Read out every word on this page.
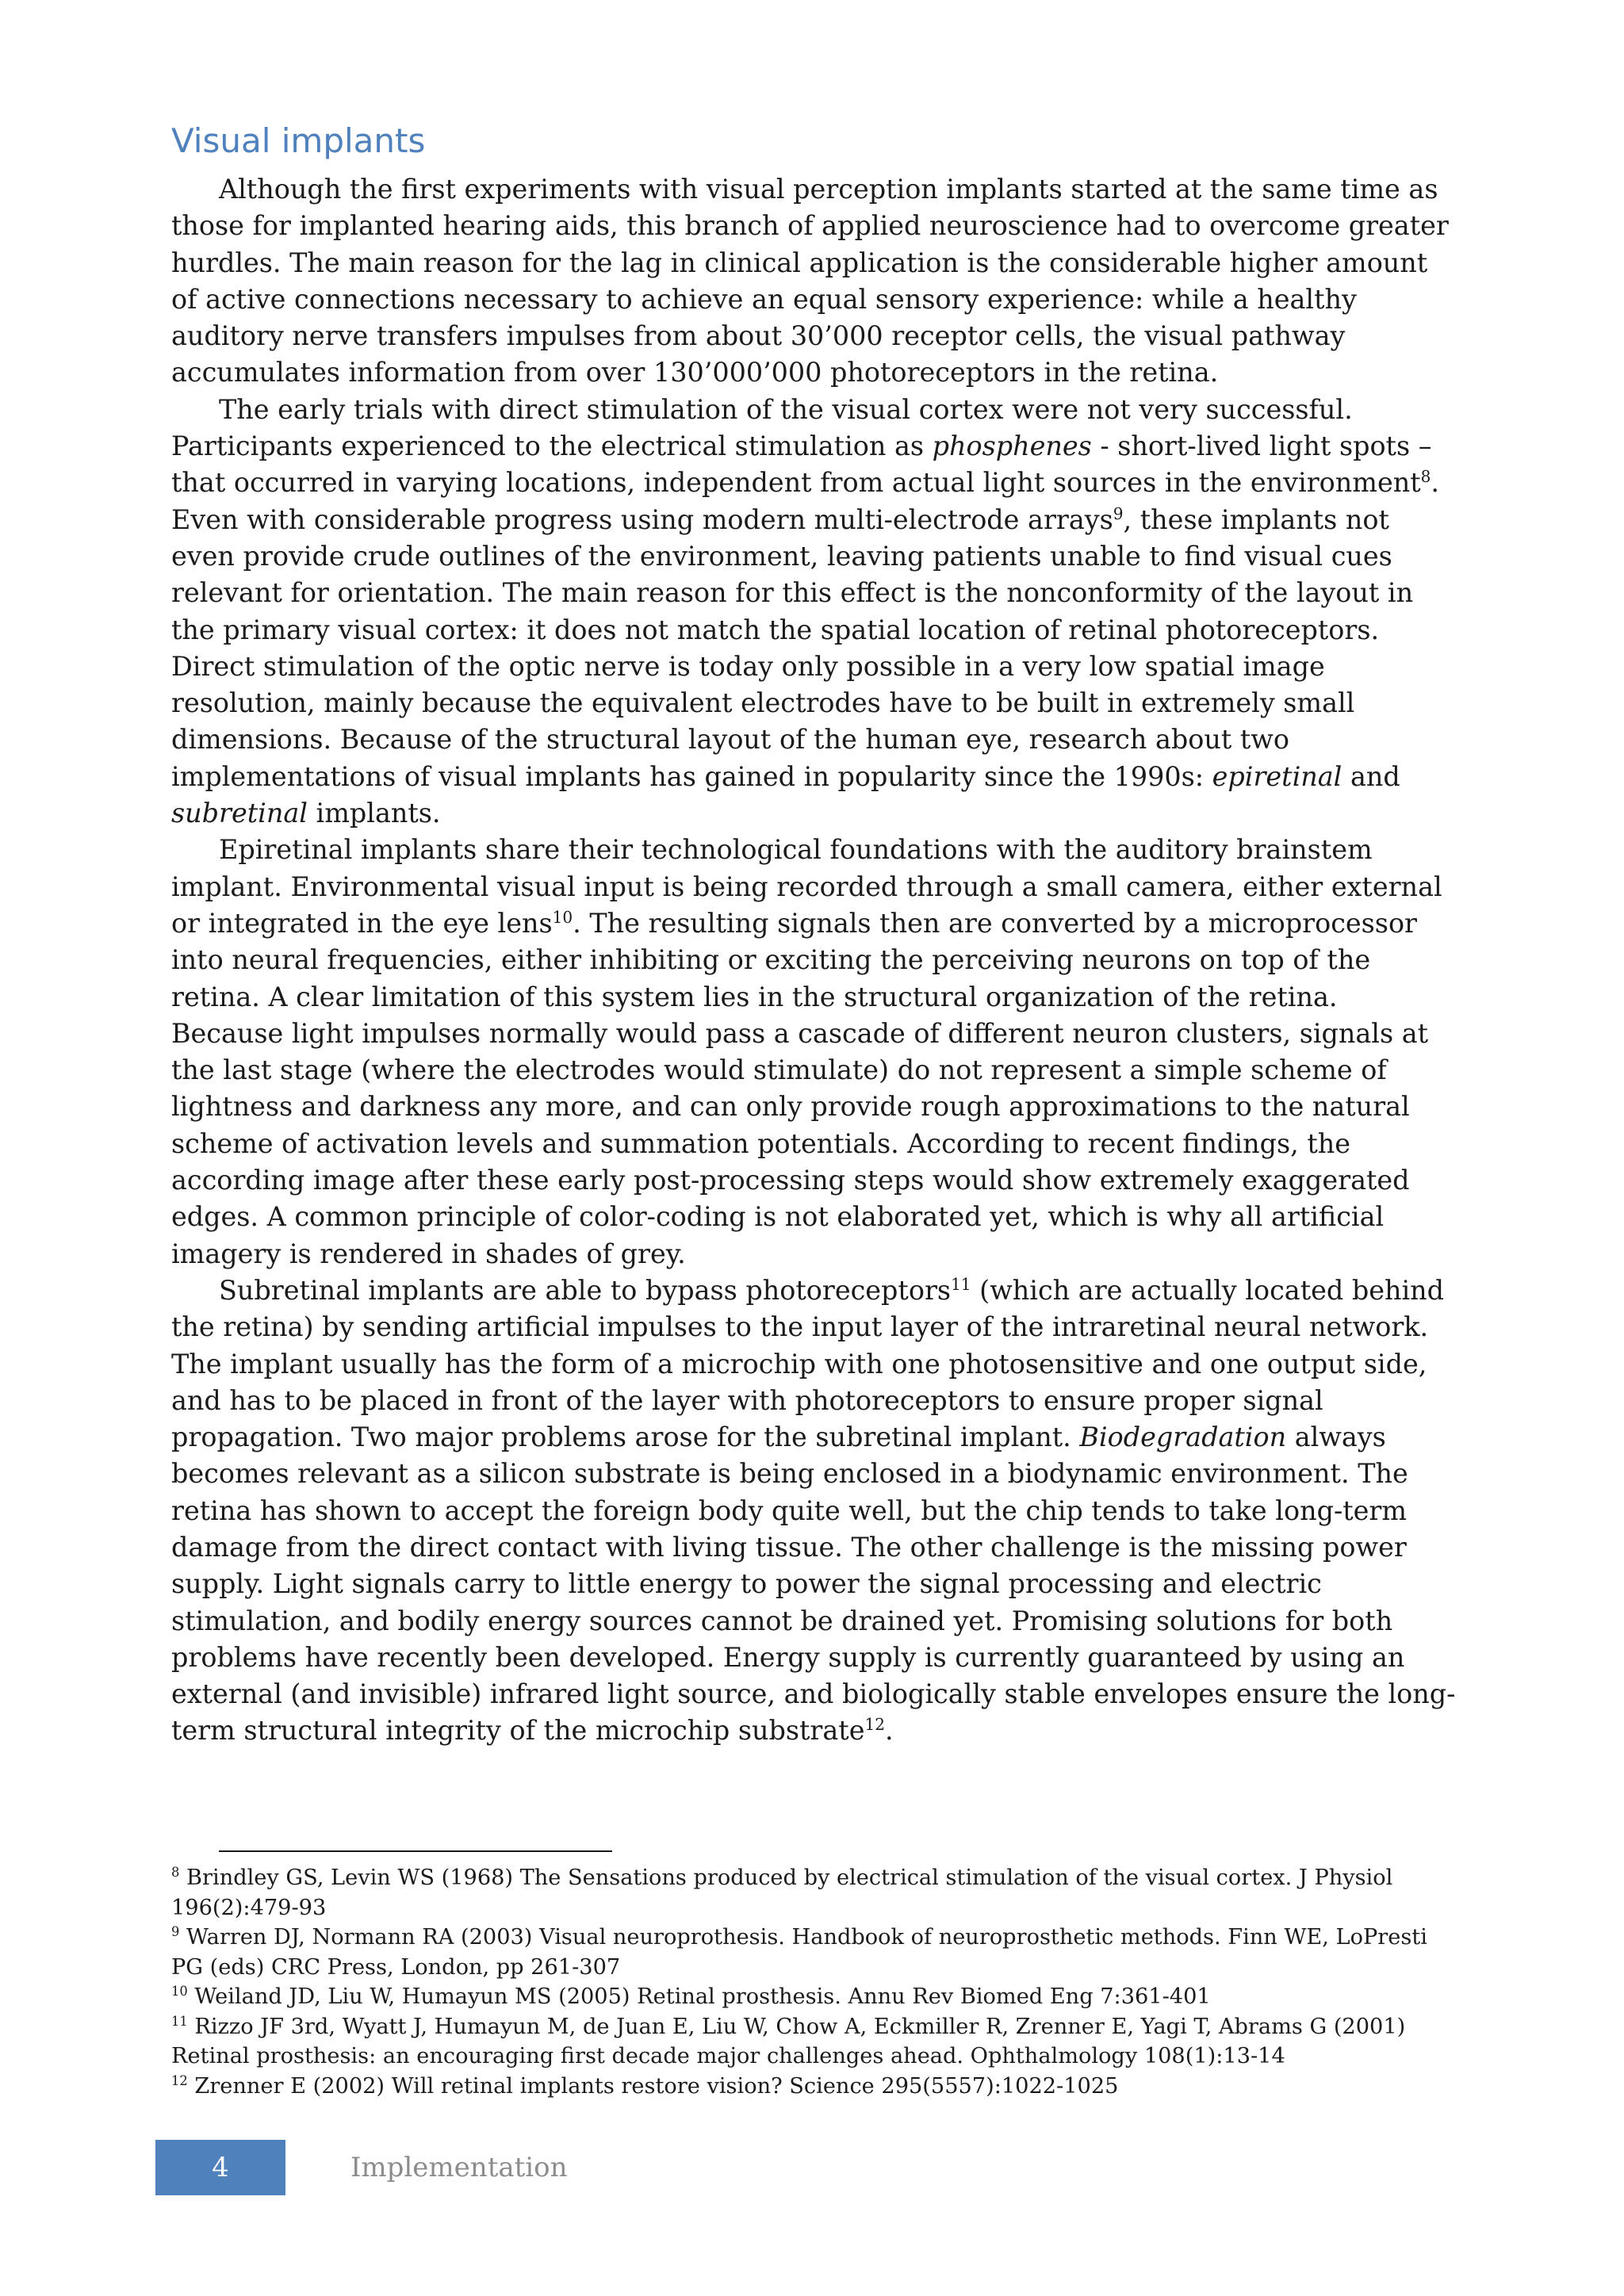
Visual implants

Although the first experiments with visual perception implants started at the same time as those for implanted hearing aids, this branch of applied neuroscience had to overcome greater hurdles. The main reason for the lag in clinical application is the considerable higher amount of active connections necessary to achieve an equal sensory experience: while a healthy auditory nerve transfers impulses from about 30’000 receptor cells, the visual pathway accumulates information from over 130’000’000 photoreceptors in the retina.

The early trials with direct stimulation of the visual cortex were not very successful. Participants experienced to the electrical stimulation as phosphenes - short-lived light spots – that occurred in varying locations, independent from actual light sources in the environment$^8$. Even with considerable progress using modern multi-electrode arrays$^9$, these implants not even provide crude outlines of the environment, leaving patients unable to find visual cues relevant for orientation. The main reason for this effect is the nonconformity of the layout in the primary visual cortex: it does not match the spatial location of retinal photoreceptors. Direct stimulation of the optic nerve is today only possible in a very low spatial image resolution, mainly because the equivalent electrodes have to be built in extremely small dimensions. Because of the structural layout of the human eye, research about two implementations of visual implants has gained in popularity since the 1990s: epiretinal and subretinal implants.

Epiretinal implants share their technological foundations with the auditory brainstem implant. Environmental visual input is being recorded through a small camera, either external or integrated in the eye lens$^{10}$. The resulting signals then are converted by a microprocessor into neural frequencies, either inhibiting or exciting the perceiving neurons on top of the retina. A clear limitation of this system lies in the structural organization of the retina. Because light impulses normally would pass a cascade of different neuron clusters, signals at the last stage (where the electrodes would stimulate) do not represent a simple scheme of lightness and darkness any more, and can only provide rough approximations to the natural scheme of activation levels and summation potentials. According to recent findings, the according image after these early post-processing steps would show extremely exaggerated edges. A common principle of color-coding is not elaborated yet, which is why all artificial imagery is rendered in shades of grey.

Subretinal implants are able to bypass photoreceptors$^{11}$ (which are actually located behind the retina) by sending artificial impulses to the input layer of the intraretinal neural network. The implant usually has the form of a microchip with one photosensitive and one output side, and has to be placed in front of the layer with photoreceptors to ensure proper signal propagation. Two major problems arose for the subretinal implant. Biodegradation always becomes relevant as a silicon substrate is being enclosed in a biodynamic environment. The retina has shown to accept the foreign body quite well, but the chip tends to take long-term damage from the direct contact with living tissue. The other challenge is the missing power supply. Light signals carry to little energy to power the signal processing and electric stimulation, and bodily energy sources cannot be drained yet. Promising solutions for both problems have recently been developed. Energy supply is currently guaranteed by using an external (and invisible) infrared light source, and biologically stable envelopes ensure the long-term structural integrity of the microchip substrate$^{12}$.

$^8$ Brindley GS, Levin WS (1968) The Sensations produced by electrical stimulation of the visual cortex. J Physiol 196(2):479-93

$^9$ Warren DJ, Normann RA (2003) Visual neuroprothesis. Handbook of neuroprosthetic methods. Finn WE, LoPresti PG (eds) CRC Press, London, pp 261-307

$^{10}$ Weiland JD, Liu W, Humayun MS (2005) Retinal prosthesis. Annu Rev Biomed Eng 7:361-401

$^{11}$ Rizzo JF 3rd, Wyatt J, Humayun M, de Juan E, Liu W, Chow A, Eckmiller R, Zrenner E, Yagi T, Abrams G (2001) Retinal prosthesis: an encouraging first decade major challenges ahead. Ophthalmology 108(1):13-14

$^{12}$ Zrenner E (2002) Will retinal implants restore vision? Science 295(5557):1022-1025

4	Implementation
